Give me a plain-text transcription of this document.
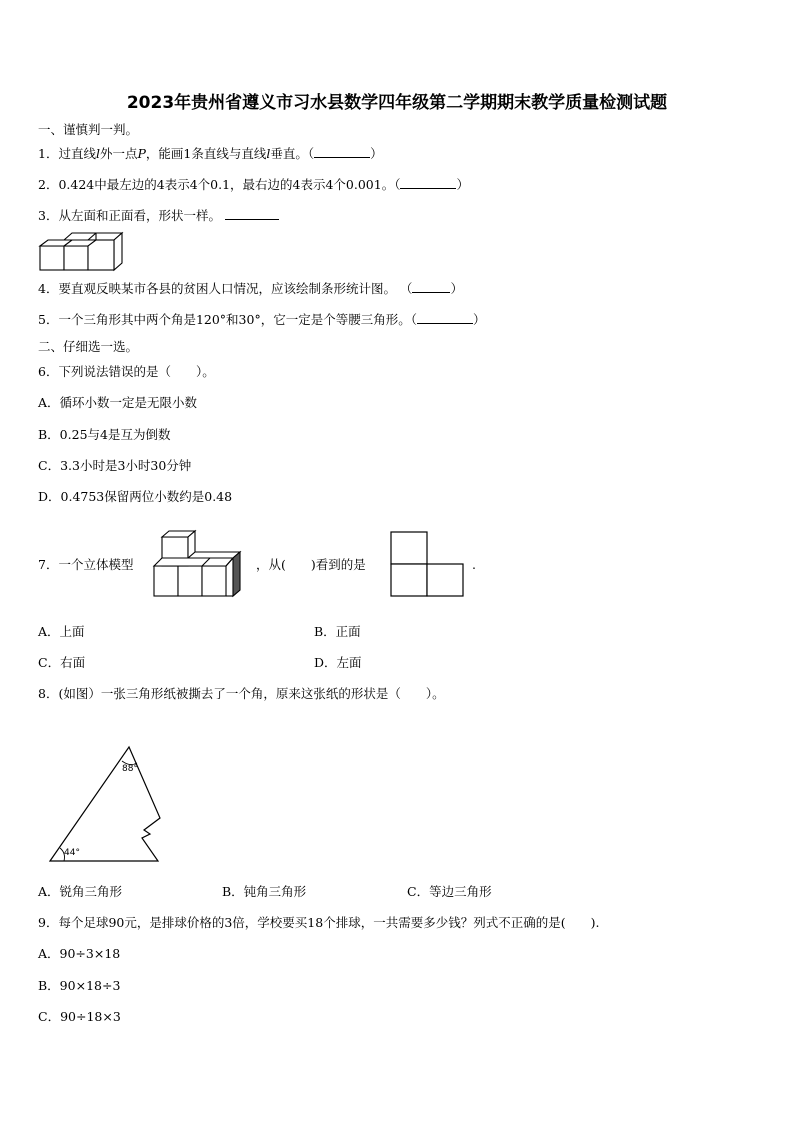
2023年贵州省遵义市习水县数学四年级第二学期期末教学质量检测试题
一、谨慎判一判。
1．过直线𝑙外一点𝑃，能画1条直线与直线𝑙垂直。（	）
2．0.424中最左边的4表示4个0.1，最右边的4表示4个0.001。（	）
3．从左面和正面看，形状一样。
4．要直观反映某市各县的贫困人口情况，应该绘制条形统计图。 （	）
5．一个三角形其中两个角是120°和30°，它一定是个等腰三角形。（	）
二、仔细选一选。
6．下列说法错误的是（　　）。
A．循环小数一定是无限小数
B．0.25与4是互为倒数
C．3.3小时是3小时30分钟
D．0.4753保留两位小数约是0.48
7．一个立体模型	，从(　　)看到的是	.
A．上面	B．正面
C．右面	D．左面
8．(如图）一张三角形纸被撕去了一个角，原来这张纸的形状是（　　）。
88°
44°
A．锐角三角形	B．钝角三角形	C．等边三角形
9．每个足球90元，是排球价格的3倍，学校要买18个排球，一共需要多少钱？列式不正确的是(　　).
A．90÷3×18
B．90×18÷3
C．90÷18×3
